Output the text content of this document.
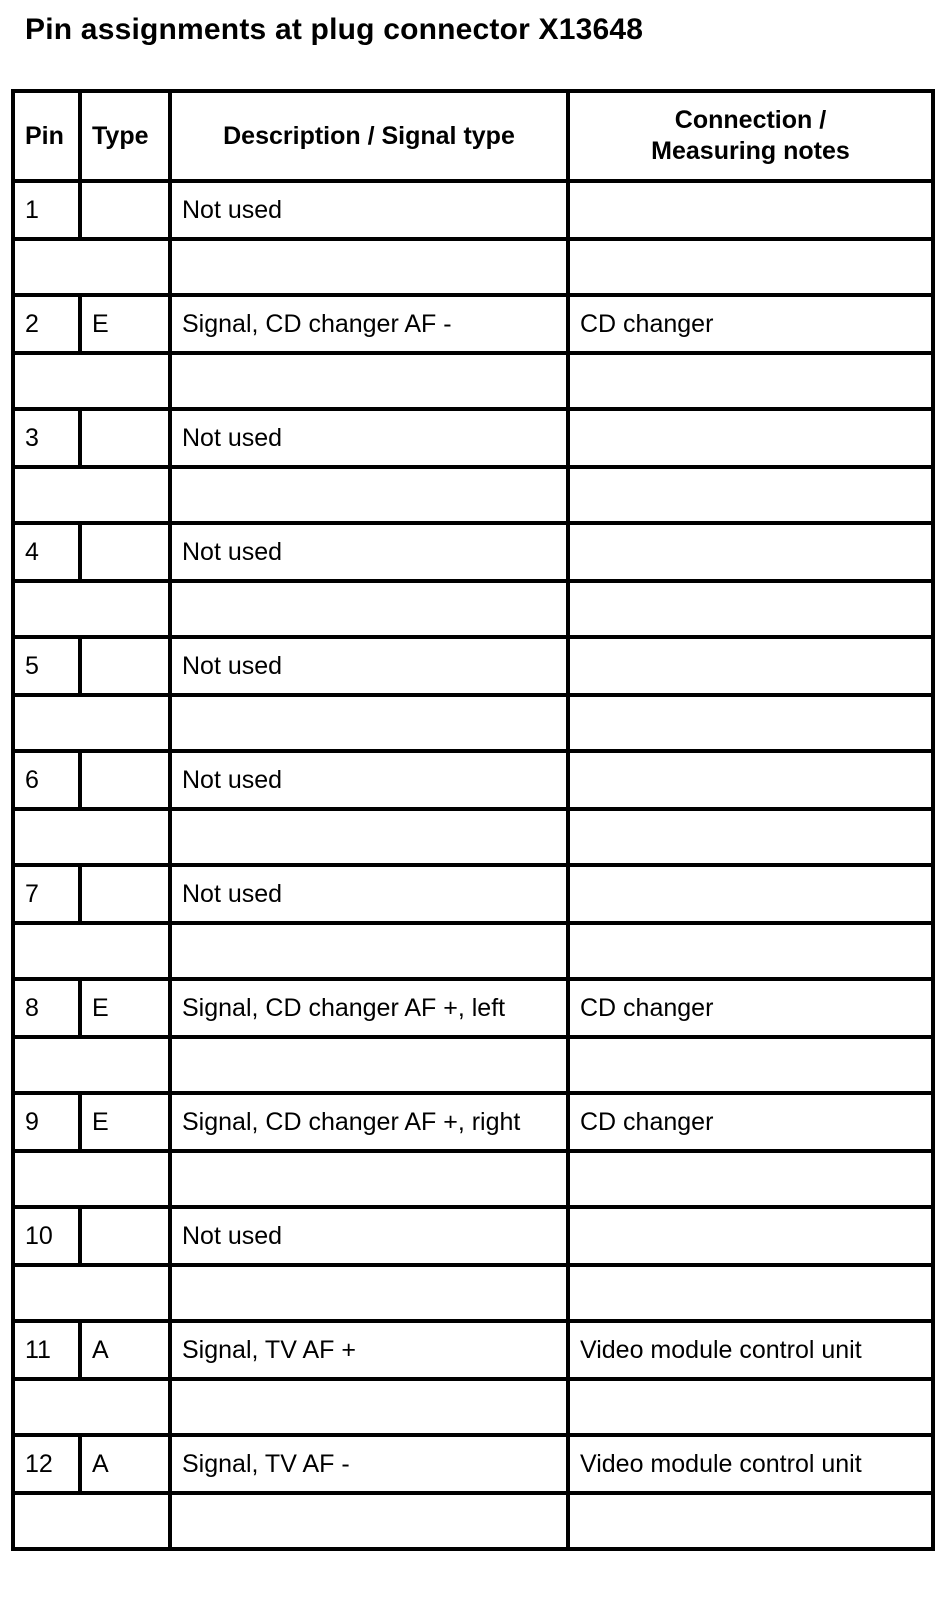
Pin assignments at plug connector X13648
Pin	Type	Description / Signal type	Connection /
Measuring notes
1		Not used	

2	E	Signal, CD changer AF -	CD changer

3		Not used	

4		Not used	

5		Not used	

6		Not used	

7		Not used	

8	E	Signal, CD changer AF +, left	CD changer

9	E	Signal, CD changer AF +, right	CD changer

10		Not used	

11	A	Signal, TV AF +	Video module control unit

12	A	Signal, TV AF -	Video module control unit
